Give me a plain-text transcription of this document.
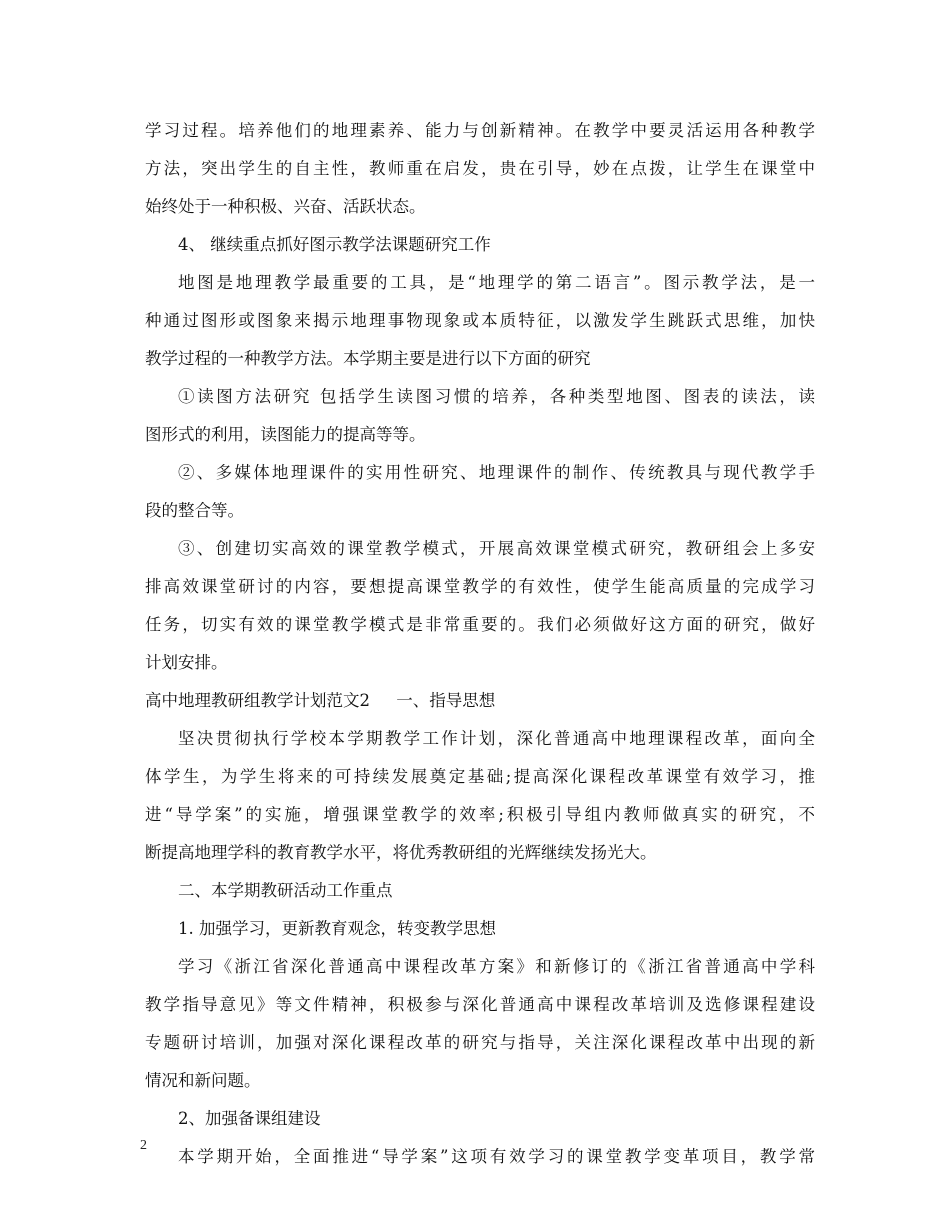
学习过程。培养他们的地理素养、能力与创新精神。在教学中要灵活运用各种教学
方法，突出学生的自主性，教师重在启发，贵在引导，妙在点拨，让学生在课堂中
始终处于一种积极、兴奋、活跃状态。
4、 继续重点抓好图示教学法课题研究工作
地图是地理教学最重要的工具，是“地理学的第二语言”。图示教学法，是一
种通过图形或图象来揭示地理事物现象或本质特征，以激发学生跳跃式思维，加快
教学过程的一种教学方法。本学期主要是进行以下方面的研究
①读图方法研究 包括学生读图习惯的培养，各种类型地图、图表的读法，读
图形式的利用，读图能力的提高等等。
②、多媒体地理课件的实用性研究、地理课件的制作、传统教具与现代教学手
段的整合等。
③、创建切实高效的课堂教学模式，开展高效课堂模式研究，教研组会上多安
排高效课堂研讨的内容，要想提高课堂教学的有效性，使学生能高质量的完成学习
任务，切实有效的课堂教学模式是非常重要的。我们必须做好这方面的研究，做好
计划安排。
高中地理教研组教学计划范文2     一、指导思想
坚决贯彻执行学校本学期教学工作计划，深化普通高中地理课程改革，面向全
体学生，为学生将来的可持续发展奠定基础;提高深化课程改革课堂有效学习，推
进“导学案”的实施，增强课堂教学的效率;积极引导组内教师做真实的研究，不
断提高地理学科的教育教学水平，将优秀教研组的光辉继续发扬光大。
二、本学期教研活动工作重点
1. 加强学习，更新教育观念，转变教学思想
学习《浙江省深化普通高中课程改革方案》和新修订的《浙江省普通高中学科
教学指导意见》等文件精神，积极参与深化普通高中课程改革培训及选修课程建设
专题研讨培训，加强对深化课程改革的研究与指导，关注深化课程改革中出现的新
情况和新问题。
2、加强备课组建设
本学期开始，全面推进“导学案”这项有效学习的课堂教学变革项目，教学常
2
